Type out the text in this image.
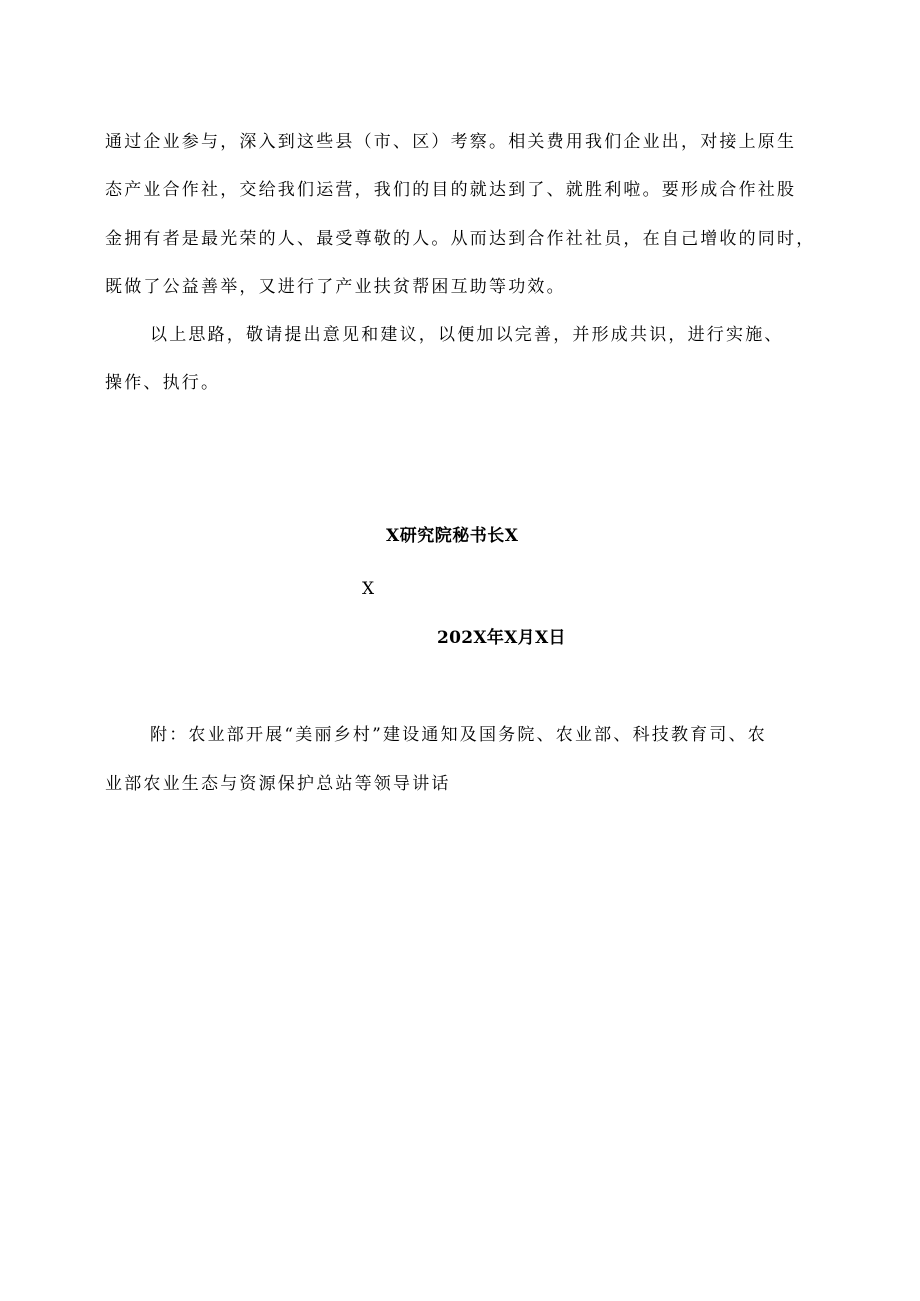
通过企业参与，深入到这些县（市、区）考察。相关费用我们企业出，对接上原生
态产业合作社，交给我们运营，我们的目的就达到了、就胜利啦。要形成合作社股
金拥有者是最光荣的人、最受尊敬的人。从而达到合作社社员，在自己增收的同时，
既做了公益善举，又进行了产业扶贫帮困互助等功效。
以上思路，敬请提出意见和建议，以便加以完善，并形成共识，进行实施、
操作、执行。
X研究院秘书长X
X
202X年X月X日
附：农业部开展“美丽乡村”建设通知及国务院、农业部、科技教育司、农
业部农业生态与资源保护总站等领导讲话
